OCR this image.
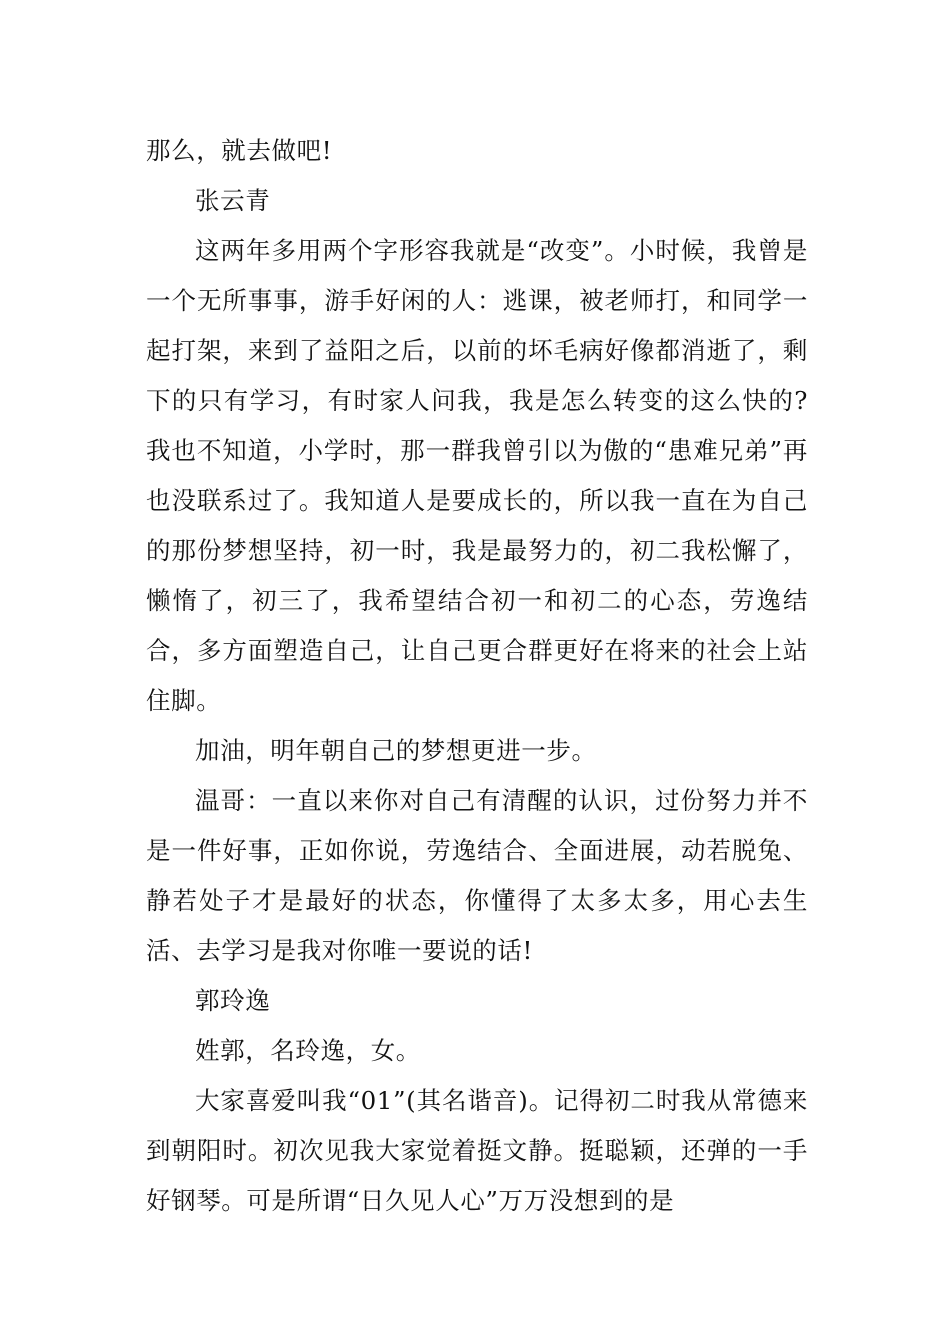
那么，就去做吧!

张云青

这两年多用两个字形容我就是“改变”。小时候，我曾是一个无所事事，游手好闲的人：逃课，被老师打，和同学一起打架，来到了益阳之后，以前的坏毛病好像都消逝了，剩下的只有学习，有时家人问我，我是怎么转变的这么快的?我也不知道，小学时，那一群我曾引以为傲的“患难兄弟”再也没联系过了。我知道人是要成长的，所以我一直在为自己的那份梦想坚持，初一时，我是最努力的，初二我松懈了，懒惰了，初三了，我希望结合初一和初二的心态，劳逸结合，多方面塑造自己，让自己更合群更好在将来的社会上站住脚。

加油，明年朝自己的梦想更进一步。

温哥：一直以来你对自己有清醒的认识，过份努力并不是一件好事，正如你说，劳逸结合、全面进展，动若脱兔、静若处子才是最好的状态，你懂得了太多太多，用心去生活、去学习是我对你唯一要说的话!

郭玲逸

姓郭，名玲逸，女。

大家喜爱叫我“01”(其名谐音)。记得初二时我从常德来到朝阳时。初次见我大家觉着挺文静。挺聪颖，还弹的一手好钢琴。可是所谓“日久见人心”万万没想到的是
